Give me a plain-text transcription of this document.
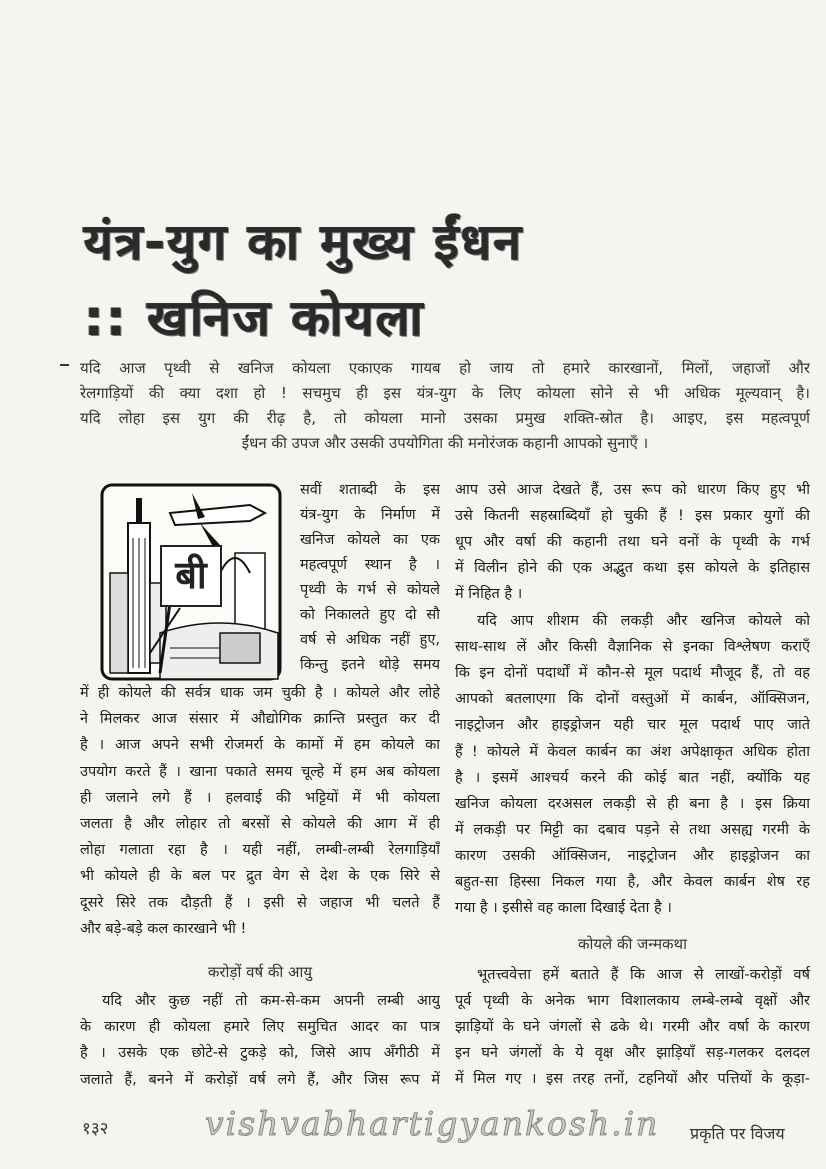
यंत्र-युग का मुख्य ईंधन
:: खनिज कोयला
यदि आज पृथ्वी से खनिज कोयला एकाएक गायब हो जाय तो हमारे कारखानों, मिलों, जहाजों और
रेलगाड़ियों की क्या दशा हो ! सचमुच ही इस यंत्र-युग के लिए कोयला सोने से भी अधिक मूल्यवान् है।
यदि लोहा इस युग की रीढ़ है, तो कोयला मानो उसका प्रमुख शक्ति-स्रोत है। आइए, इस महत्वपूर्ण
ईंधन की उपज और उसकी उपयोगिता की मनोरंजक कहानी आपको सुनाएँ ।
बी
सवीं शताब्दी के इस
यंत्र-युग के निर्माण में
खनिज कोयले का एक
महत्वपूर्ण स्थान है ।
पृथ्वी के गर्भ से कोयले
को निकालते हुए दो सौ
वर्ष से अधिक नहीं हुए,
किन्तु इतने थोड़े समय
में ही कोयले की सर्वत्र धाक जम चुकी है । कोयले और लोहे
ने मिलकर आज संसार में औद्योगिक क्रान्ति प्रस्तुत कर दी
है । आज अपने सभी रोजमर्रा के कामों में हम कोयले का
उपयोग करते हैं । खाना पकाते समय चूल्हे में हम अब कोयला
ही जलाने लगे हैं । हलवाई की भट्टियों में भी कोयला
जलता है और लोहार तो बरसों से कोयले की आग में ही
लोहा गलाता रहा है । यही नहीं, लम्बी-लम्बी रेलगाड़ियाँ
भी कोयले ही के बल पर द्रुत वेग से देश के एक सिरे से
दूसरे सिरे तक दौड़ती हैं । इसी से जहाज भी चलते हैं
और बड़े-बड़े कल कारखाने भी !
करोड़ों वर्ष की आयु
यदि और कुछ नहीं तो कम-से-कम अपनी लम्बी आयु
के कारण ही कोयला हमारे लिए समुचित आदर का पात्र
है । उसके एक छोटे-से टुकड़े को, जिसे आप अँगीठी में
जलाते हैं, बनने में करोड़ों वर्ष लगे हैं, और जिस रूप में
आप उसे आज देखते हैं, उस रूप को धारण किए हुए भी
उसे कितनी सहस्राब्दियाँ हो चुकी हैं ! इस प्रकार युगों की
धूप और वर्षा की कहानी तथा घने वनों के पृथ्वी के गर्भ
में विलीन होने की एक अद्भुत कथा इस कोयले के इतिहास
में निहित है ।
यदि आप शीशम की लकड़ी और खनिज कोयले को
साथ-साथ लें और किसी वैज्ञानिक से इनका विश्लेषण कराएँ
कि इन दोनों पदार्थों में कौन-से मूल पदार्थ मौजूद हैं, तो वह
आपको बतलाएगा कि दोनों वस्तुओं में कार्बन, ऑक्सिजन,
नाइट्रोजन और हाइड्रोजन यही चार मूल पदार्थ पाए जाते
हैं ! कोयले में केवल कार्बन का अंश अपेक्षाकृत अधिक होता
है । इसमें आश्चर्य करने की कोई बात नहीं, क्योंकि यह
खनिज कोयला दरअसल लकड़ी से ही बना है । इस क्रिया
में लकड़ी पर मिट्टी का दबाव पड़ने से तथा असह्य गरमी के
कारण उसकी ऑक्सिजन, नाइट्रोजन और हाइड्रोजन का
बहुत-सा हिस्सा निकल गया है, और केवल कार्बन शेष रह
गया है । इसीसे वह काला दिखाई देता है ।
कोयले की जन्मकथा
भूतत्त्ववेत्ता हमें बताते हैं कि आज से लाखों-करोड़ों वर्ष
पूर्व पृथ्वी के अनेक भाग विशालकाय लम्बे-लम्बे वृक्षों और
झाड़ियों के घने जंगलों से ढके थे। गरमी और वर्षा के कारण
इन घने जंगलों के ये वृक्ष और झाड़ियाँ सड़-गलकर दलदल
में मिल गए । इस तरह तनों, टहनियों और पत्तियों के कूड़ा-
१३२	प्रकृति पर विजय
vishvabhartigyankosh.in
